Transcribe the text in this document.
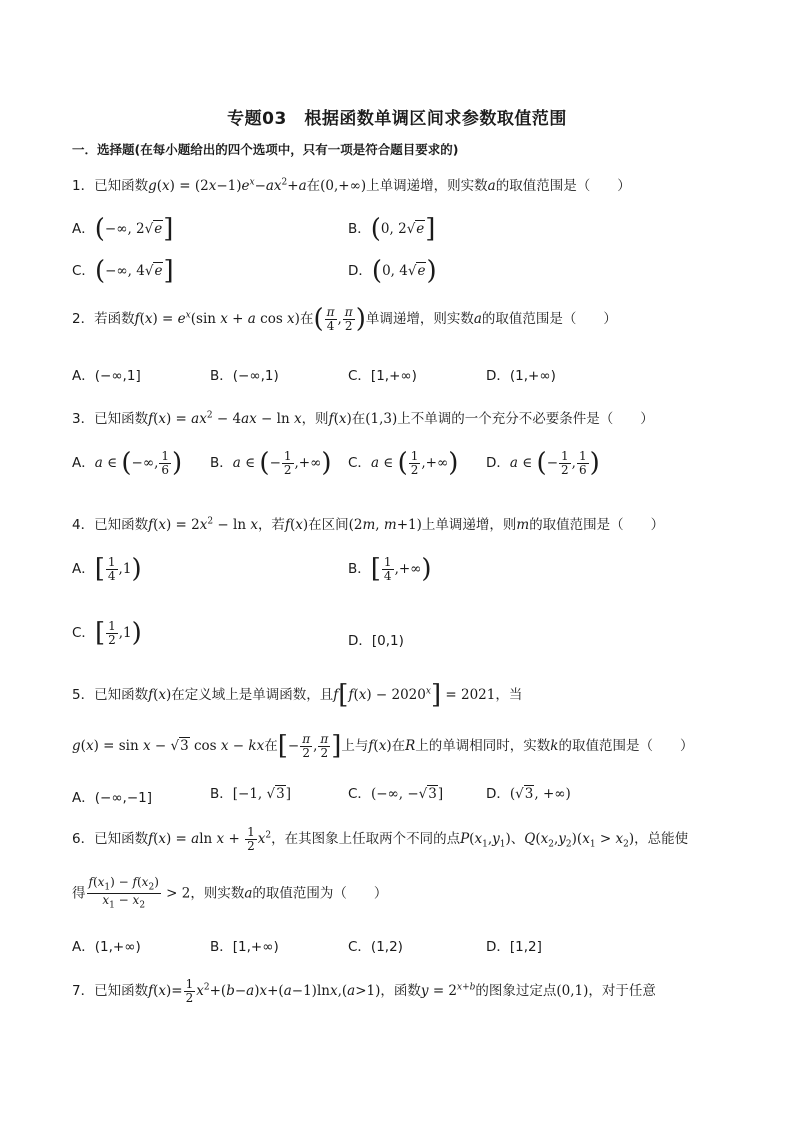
专题03　根据函数单调区间求参数取值范围
一．选择题(在每小题给出的四个选项中，只有一项是符合题目要求的)
1．已知函数$g(x) = (2x-1)e^x-ax^2+a$在(0,+∞)上单调递增，则实数a的取值范围是（　　）
A．(−∞, 2√e]	B．(0, 2√e]
C．(−∞, 4√e]	D．(0, 4√e)
2．若函数$f(x) = e^x(\sin$ x + a cos x)在( $\frac{\pi}{4}$ , $\frac{\pi}{2}$ )单调递增，则实数a的取值范围是（　　）
A．(−∞,1]	B．(−∞,1)	C．[1,+∞)	D．(1,+∞)
3．已知函数$f(x) = ax^2 - 4ax - \ln x$，则f(x)在(1,3)上不单调的一个充分不必要条件是（　　）
A．a ∈ (−∞, $\frac{1}{6}$ ) B．a ∈ (− $\frac{1}{2}$ ,+∞) C．a ∈ ( $\frac{1}{2}$ ,+∞) D．a ∈ (− $\frac{1}{2}$ , $\frac{1}{6}$ )
4．已知函数$f(x) = 2x^2 - \ln x$，若f(x)在区间(2m, m+1)上单调递增，则m的取值范围是（　　）
A．[ $\frac{1}{4} ,1$)	B．[ $\frac{1}{4}$ ,+∞)
C．[ $\frac{1}{2} ,1$)	D．[0,1)
5．已知函数f(x)在定义域上是单调函数，且$f[f(x) - 2020^x] = 2021$，当
g(x) = sin x − √3 cos x − kx在[− $\frac{\pi}{2}$ , $\frac{\pi}{2}$ ]上与f(x)在R上的单调相同时，实数k的取值范围是（　　）
A．(−∞,−1]	B．[−1, √3]	C．(−∞, −√3]	D．(√3, +∞)
6．已知函数f(x) = aln $x + \frac{1}{2} x^2$，在其图象上任取两个不同的点$P(x_1,y_1)$、$Q(x_2,y_2)(x_1 > x_2)$，总能使
得 $\frac{f(x_1) - f(x_2)}{x_1 - x_2} > 2$，则实数a的取值范围为（　　）
A．(1,+∞)	B．[1,+∞)	C．(1,2)	D．[1,2]
7．已知函数$f(x)= \frac{1}{2} x^2+(b-a)x+(a-1)\ln x,(a>1)$，函数$y = 2^{x+b}$的图象过定点(0,1)，对于任意
